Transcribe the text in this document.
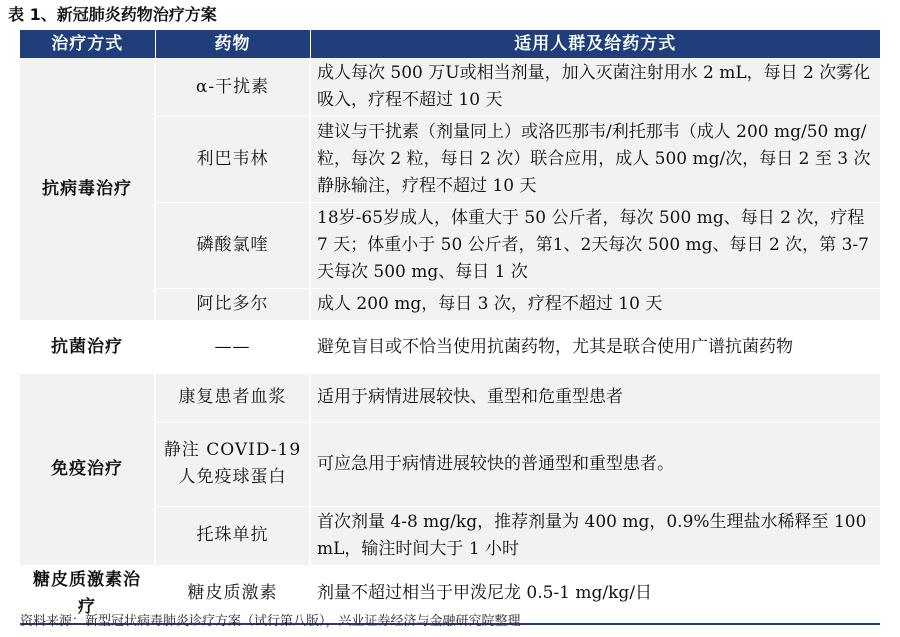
表 1、新冠肺炎药物治疗方案
治疗方式	药物	适用人群及给药方式
抗病毒治疗	α-干扰素	成人每次 500 万U或相当剂量，加入灭菌注射用水 2 mL，每日 2 次雾化吸入，疗程不超过 10 天
	利巴韦林	建议与干扰素（剂量同上）或洛匹那韦/利托那韦（成人 200 mg/50 mg/粒，每次 2 粒，每日 2 次）联合应用，成人 500 mg/次，每日 2 至 3 次静脉输注，疗程不超过 10 天
	磷酸氯喹	18岁-65岁成人，体重大于 50 公斤者，每次 500 mg、每日 2 次，疗程 7 天；体重小于 50 公斤者，第1、2天每次 500 mg、每日 2 次，第 3-7 天每次 500 mg、每日 1 次
	阿比多尔	成人 200 mg，每日 3 次，疗程不超过 10 天
抗菌治疗	——	避免盲目或不恰当使用抗菌药物，尤其是联合使用广谱抗菌药物
免疫治疗	康复患者血浆	适用于病情进展较快、重型和危重型患者
	静注 COVID-19 人免疫球蛋白	可应急用于病情进展较快的普通型和重型患者。
	托珠单抗	首次剂量 4-8 mg/kg，推荐剂量为 400 mg，0.9%生理盐水稀释至 100 mL，输注时间大于 1 小时
糖皮质激素治疗	糖皮质激素	剂量不超过相当于甲泼尼龙 0.5-1 mg/kg/日
资料来源：新型冠状病毒肺炎诊疗方案（试行第八版），兴业证券经济与金融研究院整理
